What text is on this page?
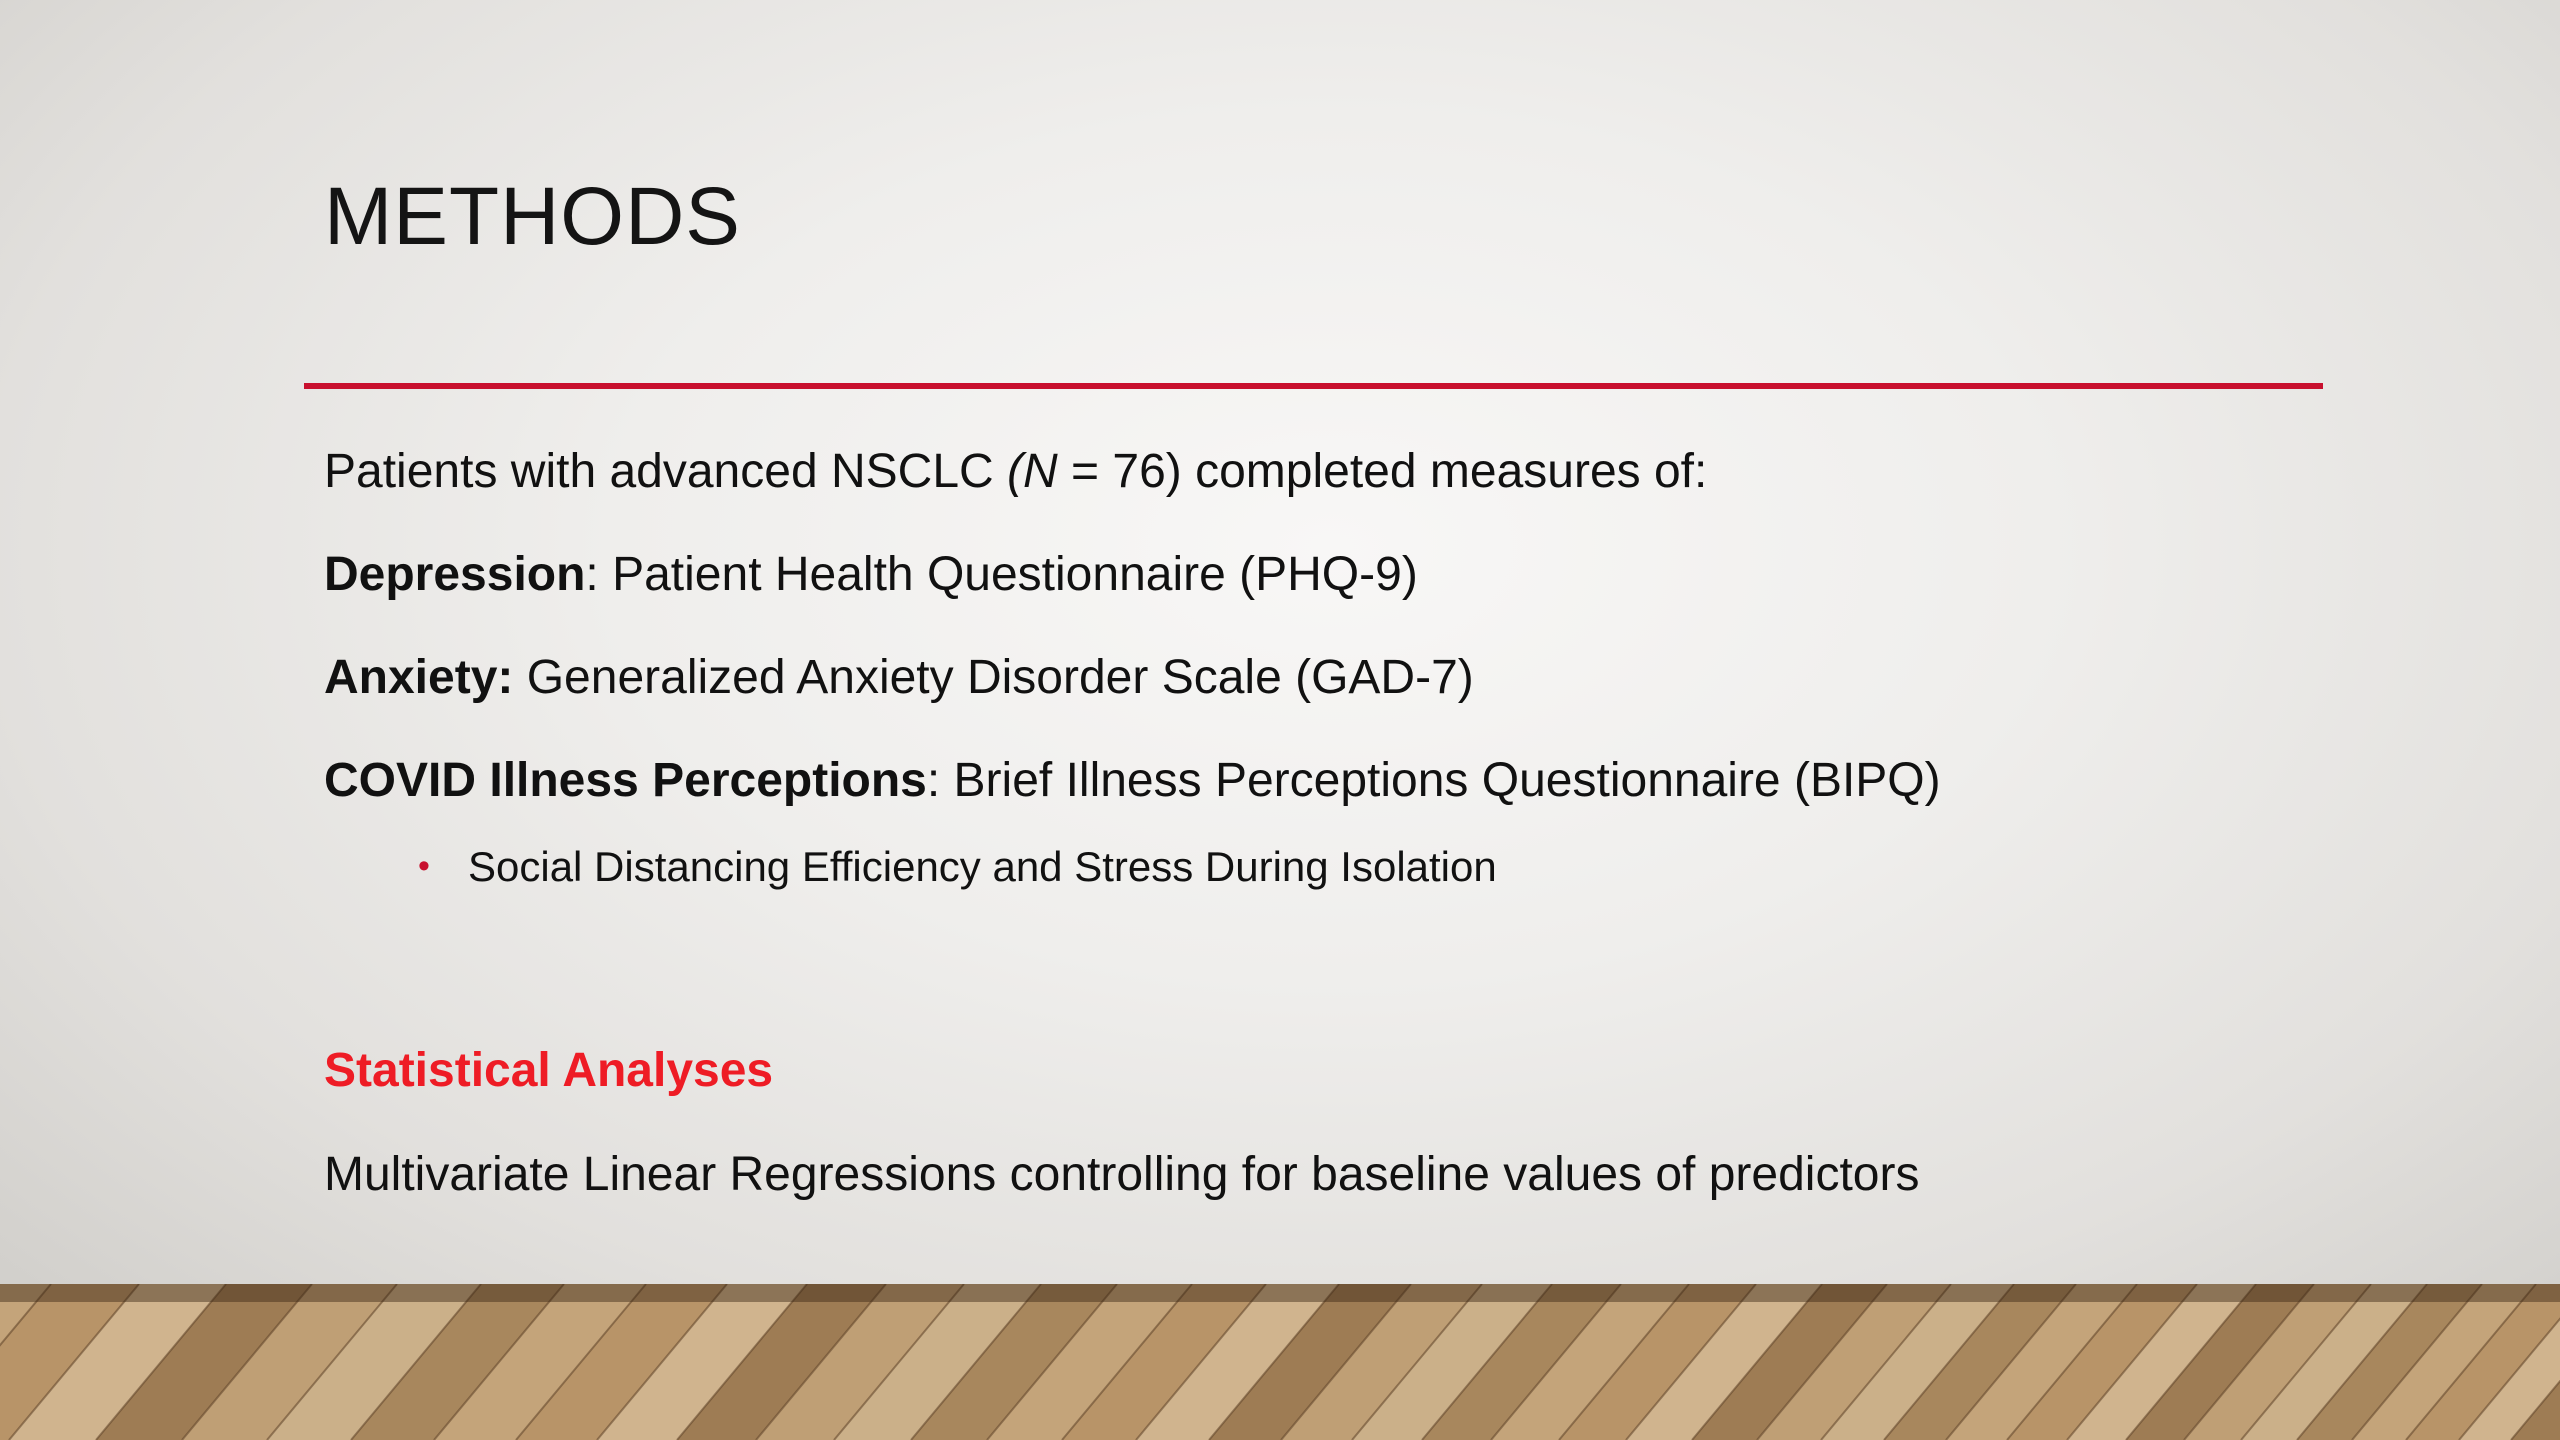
METHODS
Patients with advanced NSCLC (N = 76) completed measures of:
Depression: Patient Health Questionnaire (PHQ-9)
Anxiety: Generalized Anxiety Disorder Scale (GAD-7)
COVID Illness Perceptions: Brief Illness Perceptions Questionnaire (BIPQ)
• Social Distancing Efficiency and Stress During Isolation
Statistical Analyses
Multivariate Linear Regressions controlling for baseline values of predictors
